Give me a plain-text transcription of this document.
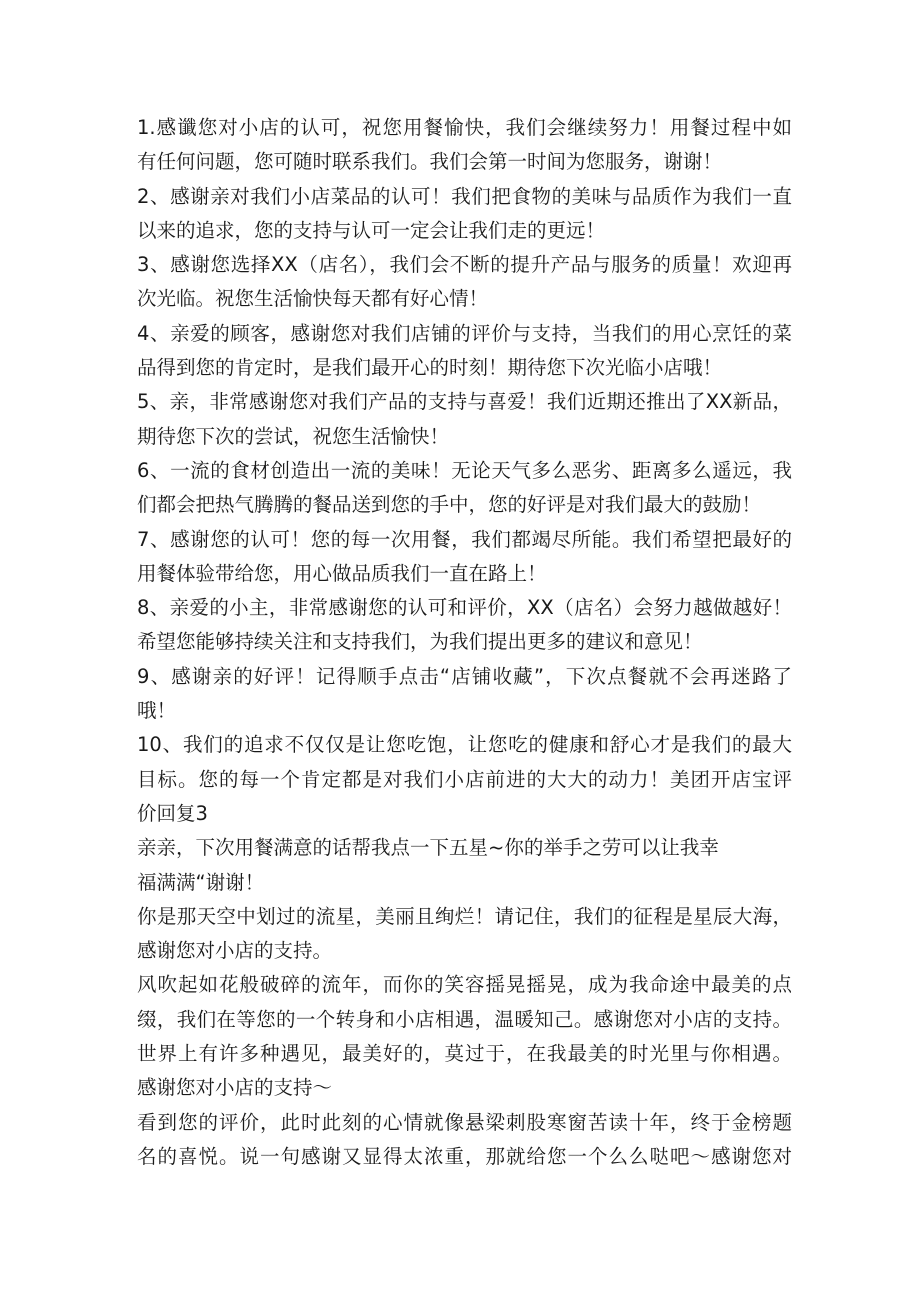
1.感谶您对小店的认可，祝您用餐愉快，我们会继续努力！用餐过程中如
有任何问题，您可随时联系我们。我们会第一时间为您服务，谢谢！
2、感谢亲对我们小店菜品的认可！我们把食物的美味与品质作为我们一直
以来的追求，您的支持与认可一定会让我们走的更远！
3、感谢您选择XX（店名），我们会不断的提升产品与服务的质量！欢迎再
次光临。祝您生活愉快每天都有好心情！
4、亲爱的顾客，感谢您对我们店铺的评价与支持，当我们的用心烹饪的菜
品得到您的肯定时，是我们最开心的时刻！期待您下次光临小店哦！
5、亲，非常感谢您对我们产品的支持与喜爱！我们近期还推出了XX新品，
期待您下次的尝试，祝您生活愉快！
6、一流的食材创造出一流的美味！无论天气多么恶劣、距离多么遥远，我
们都会把热气腾腾的餐品送到您的手中，您的好评是对我们最大的鼓励！
7、感谢您的认可！您的每一次用餐，我们都竭尽所能。我们希望把最好的
用餐体验带给您，用心做品质我们一直在路上！
8、亲爱的小主，非常感谢您的认可和评价，XX（店名）会努力越做越好！
希望您能够持续关注和支持我们，为我们提出更多的建议和意见！
9、感谢亲的好评！记得顺手点击“店铺收藏”，下次点餐就不会再迷路了
哦！
10、我们的追求不仅仅是让您吃饱，让您吃的健康和舒心才是我们的最大
目标。您的每一个肯定都是对我们小店前进的大大的动力！美团开店宝评
价回复3
亲亲，下次用餐满意的话帮我点一下五星~你的举手之劳可以让我幸
福满满“谢谢！
你是那天空中划过的流星，美丽且绚烂！请记住，我们的征程是星辰大海，
感谢您对小店的支持。
风吹起如花般破碎的流年，而你的笑容摇晃摇晃，成为我命途中最美的点
缀，我们在等您的一个转身和小店相遇，温暖知己。感谢您对小店的支持。
世界上有许多种遇见，最美好的，莫过于，在我最美的时光里与你相遇。
感谢您对小店的支持～
看到您的评价，此时此刻的心情就像悬梁刺股寒窗苦读十年，终于金榜题
名的喜悦。说一句感谢又显得太浓重，那就给您一个么么哒吧～感谢您对
